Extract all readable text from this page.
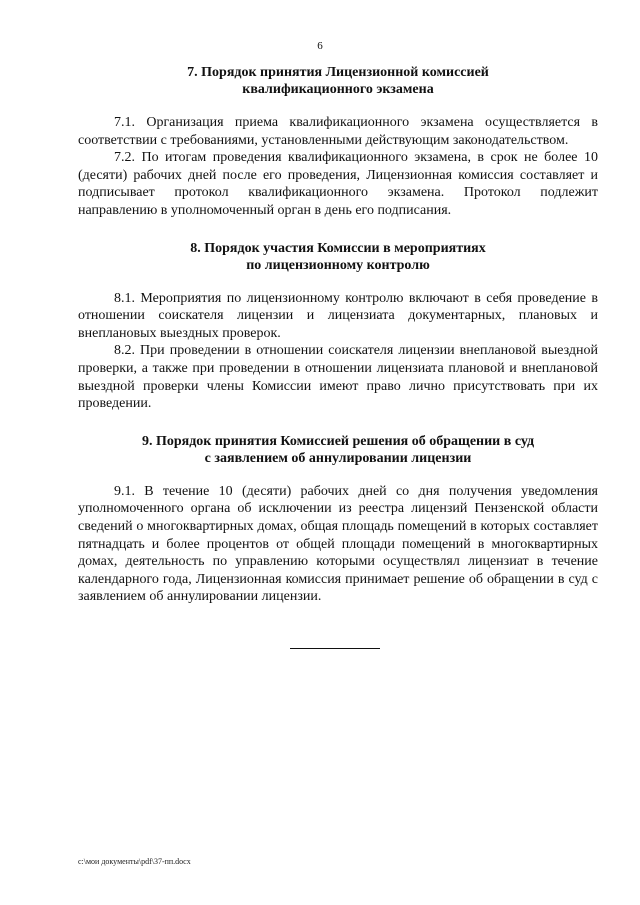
6
7. Порядок принятия Лицензионной комиссией
квалификационного экзамена

7.1. Организация приема квалификационного экзамена осуществляется в соответствии с требованиями, установленными действующим законодательством.

7.2. По итогам проведения квалификационного экзамена, в срок не более 10 (десяти) рабочих дней после его проведения, Лицензионная комиссия составляет и подписывает протокол квалификационного экзамена. Протокол подлежит направлению в уполномоченный орган в день его подписания.

8. Порядок участия Комиссии в мероприятиях
по лицензионному контролю

8.1. Мероприятия по лицензионному контролю включают в себя проведение в отношении соискателя лицензии и лицензиата документарных, плановых и внеплановых выездных проверок.

8.2. При проведении в отношении соискателя лицензии внеплановой выездной проверки, а также при проведении в отношении лицензиата плановой и внеплановой выездной проверки члены Комиссии имеют право лично присутствовать при их проведении.

9. Порядок принятия Комиссией решения об обращении в суд
с заявлением об аннулировании лицензии

9.1. В течение 10 (десяти) рабочих дней со дня получения уведомления уполномоченного органа об исключении из реестра лицензий Пензенской области сведений о многоквартирных домах, общая площадь помещений в которых составляет пятнадцать и более процентов от общей площади помещений в многоквартирных домах, деятельность по управлению которыми осуществлял лицензиат в течение календарного года, Лицензионная комиссия принимает решение об обращении в суд с заявлением об аннулировании лицензии.

c:\мои документы\pdf\37-пп.docx
